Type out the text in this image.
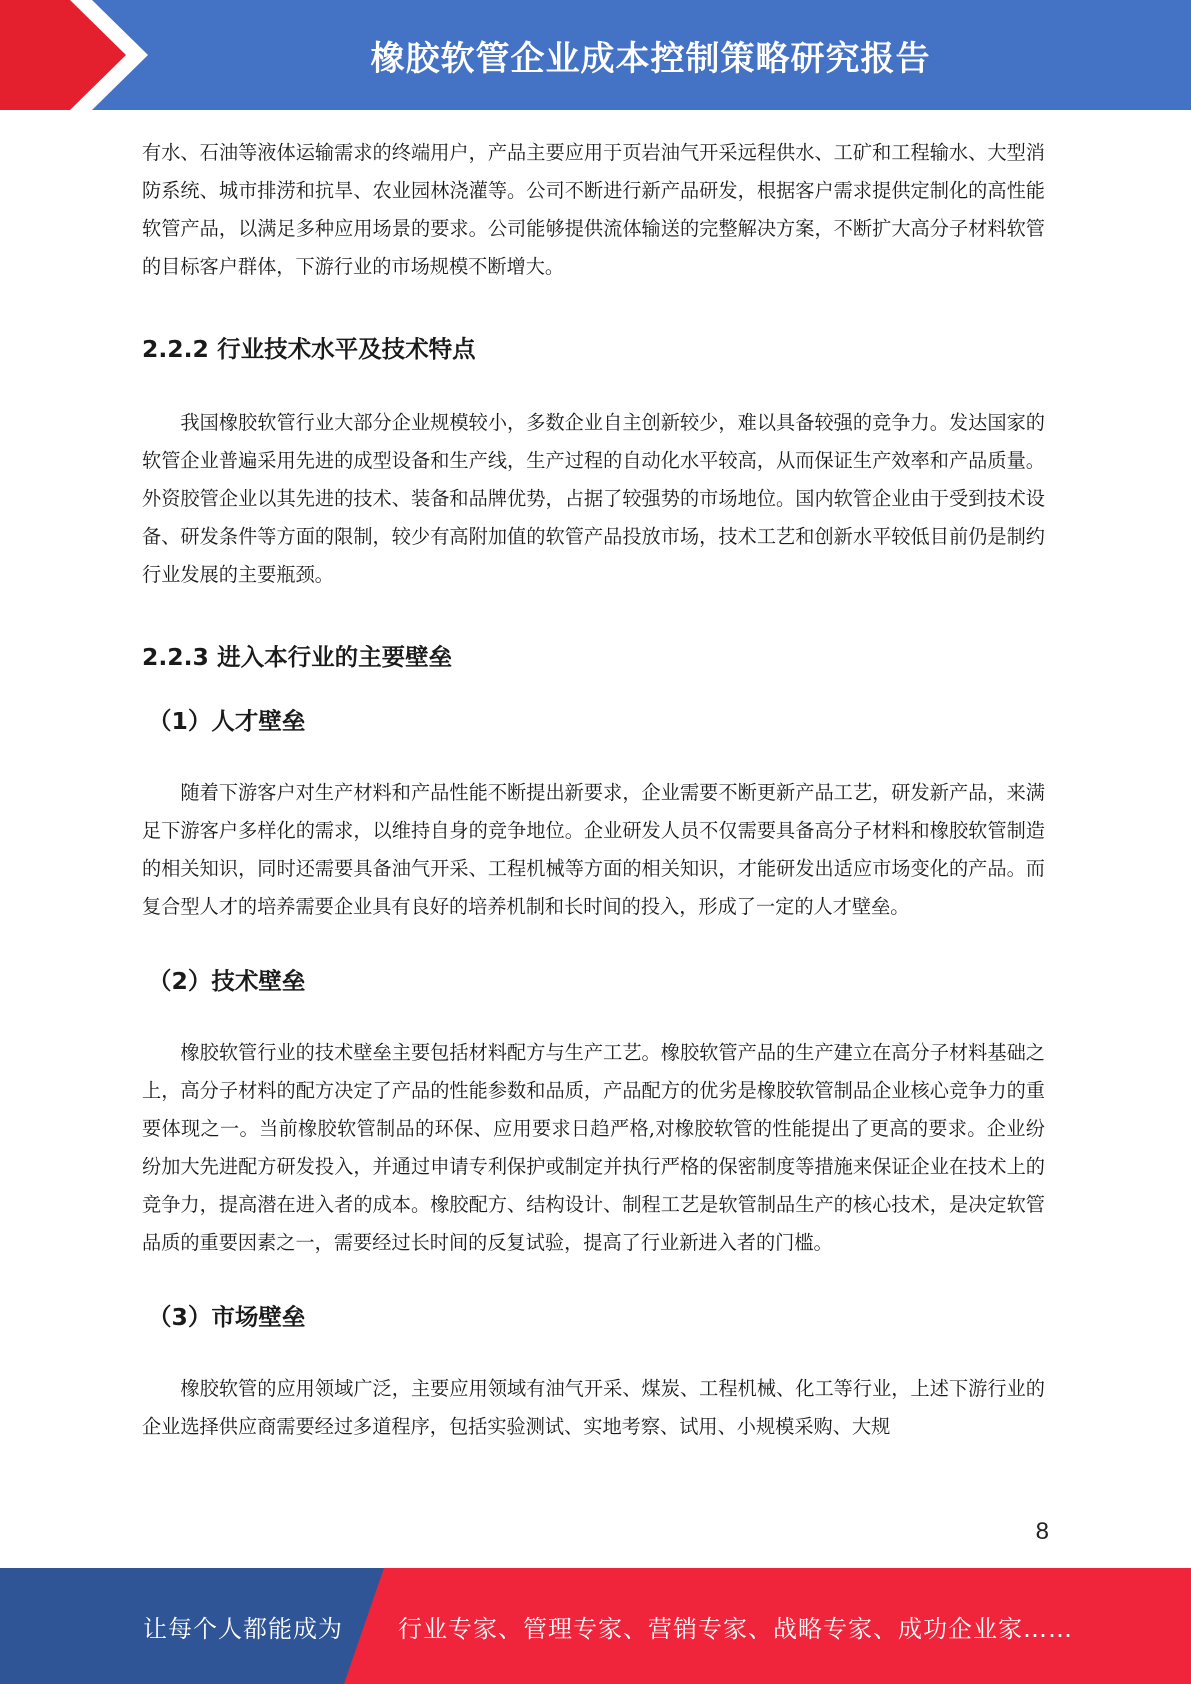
橡胶软管企业成本控制策略研究报告

有水、石油等液体运输需求的终端用户，产品主要应用于页岩油气开采远程供水、工矿和工程输水、大型消防系统、城市排涝和抗旱、农业园林浇灌等。公司不断进行新产品研发，根据客户需求提供定制化的高性能软管产品，以满足多种应用场景的要求。公司能够提供流体输送的完整解决方案，不断扩大高分子材料软管的目标客户群体，下游行业的市场规模不断增大。

2.2.2 行业技术水平及技术特点

我国橡胶软管行业大部分企业规模较小，多数企业自主创新较少，难以具备较强的竞争力。发达国家的软管企业普遍采用先进的成型设备和生产线，生产过程的自动化水平较高，从而保证生产效率和产品质量。外资胶管企业以其先进的技术、装备和品牌优势，占据了较强势的市场地位。国内软管企业由于受到技术设备、研发条件等方面的限制，较少有高附加值的软管产品投放市场，技术工艺和创新水平较低目前仍是制约行业发展的主要瓶颈。

2.2.3 进入本行业的主要壁垒
（1）人才壁垒

随着下游客户对生产材料和产品性能不断提出新要求，企业需要不断更新产品工艺，研发新产品，来满足下游客户多样化的需求，以维持自身的竞争地位。企业研发人员不仅需要具备高分子材料和橡胶软管制造的相关知识，同时还需要具备油气开采、工程机械等方面的相关知识，才能研发出适应市场变化的产品。而复合型人才的培养需要企业具有良好的培养机制和长时间的投入，形成了一定的人才壁垒。

（2）技术壁垒

橡胶软管行业的技术壁垒主要包括材料配方与生产工艺。橡胶软管产品的生产建立在高分子材料基础之上，高分子材料的配方决定了产品的性能参数和品质，产品配方的优劣是橡胶软管制品企业核心竞争力的重要体现之一。当前橡胶软管制品的环保、应用要求日趋严格,对橡胶软管的性能提出了更高的要求。企业纷纷加大先进配方研发投入，并通过申请专利保护或制定并执行严格的保密制度等措施来保证企业在技术上的竞争力，提高潜在进入者的成本。橡胶配方、结构设计、制程工艺是软管制品生产的核心技术，是决定软管品质的重要因素之一，需要经过长时间的反复试验，提高了行业新进入者的门槛。

（3）市场壁垒

橡胶软管的应用领域广泛，主要应用领域有油气开采、煤炭、工程机械、化工等行业，上述下游行业的企业选择供应商需要经过多道程序，包括实验测试、实地考察、试用、小规模采购、大规

8
让每个人都能成为 行业专家、管理专家、营销专家、战略专家、成功企业家……
